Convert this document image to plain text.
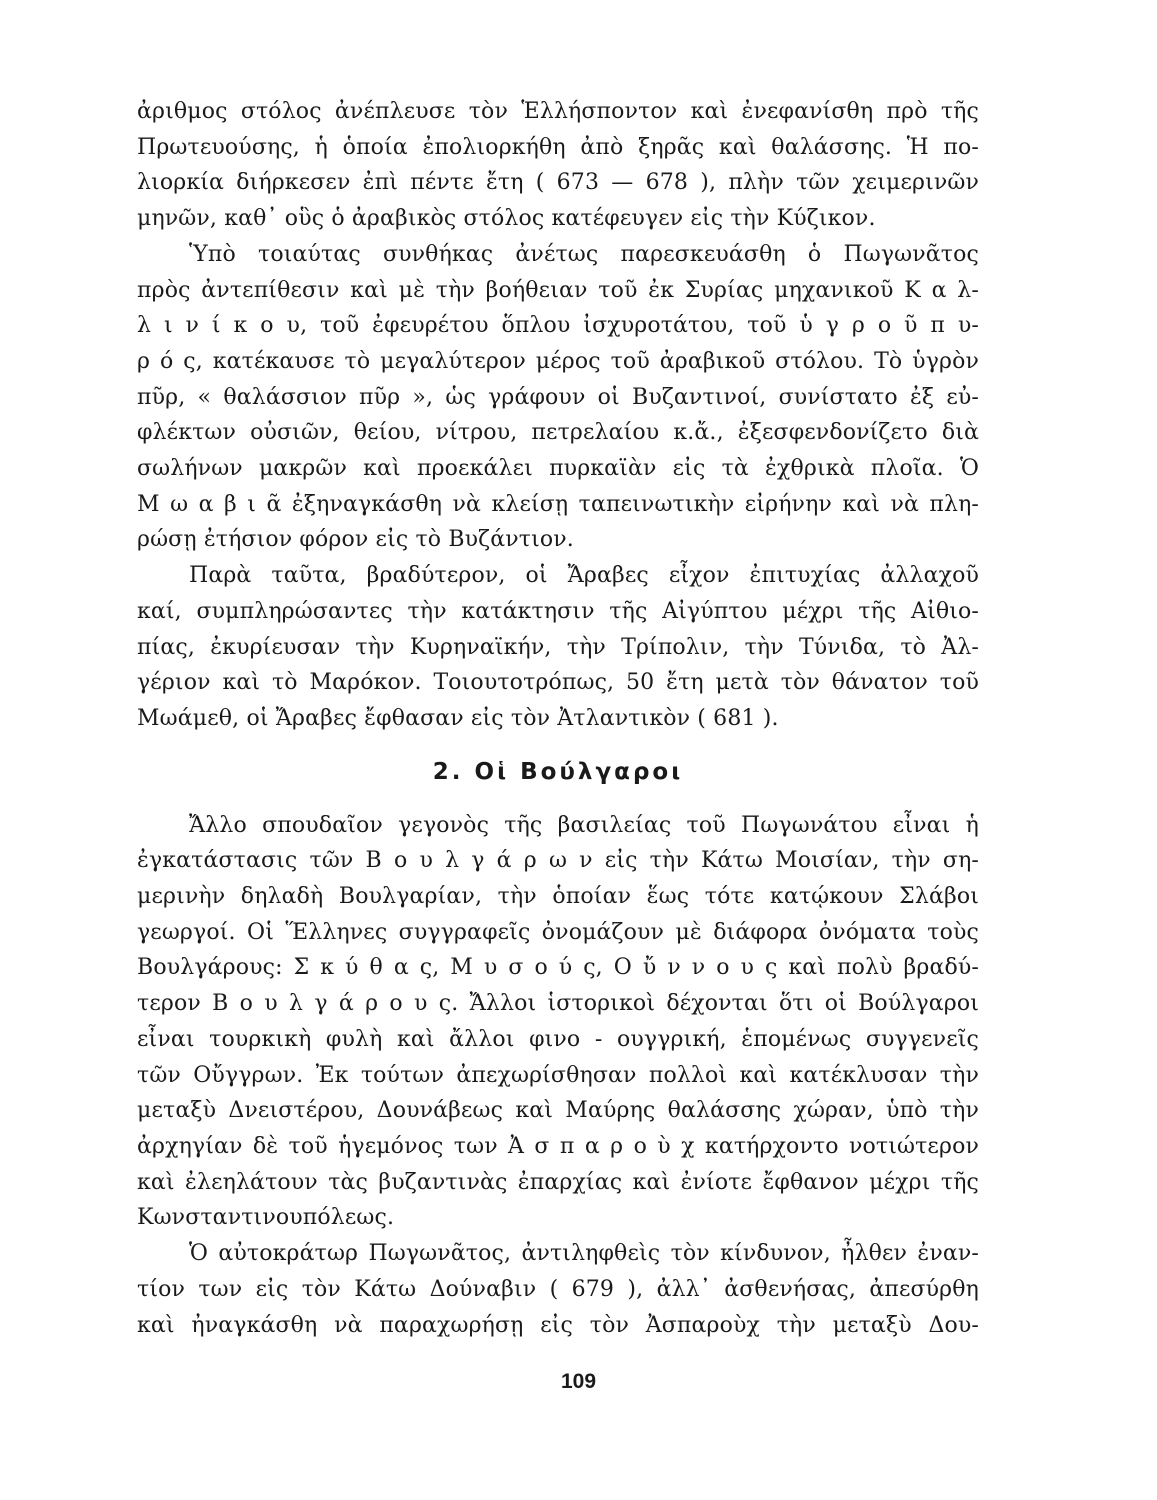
ἀριθμος στόλος ἀνέπλευσε τὸν Ἑλλήσποντον καὶ ἐνεφανίσθη πρὸ τῆς
Πρωτευούσης, ἡ ὁποία ἐπολιορκήθη ἀπὸ ξηρᾶς καὶ θαλάσσης. Ἡ πο-
λιορκία διήρκεσεν ἐπὶ πέντε ἔτη ( 673 — 678 ), πλὴν τῶν χειμερινῶν
μηνῶν, καθ᾽ οὓς ὁ ἀραβικὸς στόλος κατέφευγεν εἰς τὴν Κύζικον.
Ὑπὸ τοιαύτας συνθήκας ἀνέτως παρεσκευάσθη ὁ Πωγωνᾶτος
πρὸς ἀντεπίθεσιν καὶ μὲ τὴν βοήθειαν τοῦ ἐκ Συρίας μηχανικοῦ Κ α λ-
λ ι ν ί κ ο υ, τοῦ ἐφευρέτου ὅπλου ἰσχυροτάτου, τοῦ ὑ γ ρ ο ῦ π υ-
ρ ό ς, κατέκαυσε τὸ μεγαλύτερον μέρος τοῦ ἀραβικοῦ στόλου. Τὸ ὑγρὸν
πῦρ, « θαλάσσιον πῦρ », ὡς γράφουν οἱ Βυζαντινοί, συνίστατο ἐξ εὐ-
φλέκτων οὐσιῶν, θείου, νίτρου, πετρελαίου κ.ἄ., ἐξεσφενδονίζετο διὰ
σωλήνων μακρῶν καὶ προεκάλει πυρκαϊὰν εἰς τὰ ἐχθρικὰ πλοῖα. Ὁ
Μ ω α β ι ᾶ ἐξηναγκάσθη νὰ κλείσῃ ταπεινωτικὴν εἰρήνην καὶ νὰ πλη-
ρώσῃ ἐτήσιον φόρον εἰς τὸ Βυζάντιον.
Παρὰ ταῦτα, βραδύτερον, οἱ Ἄραβες εἶχον ἐπιτυχίας ἀλλαχοῦ
καί, συμπληρώσαντες τὴν κατάκτησιν τῆς Αἰγύπτου μέχρι τῆς Αἰθιο-
πίας, ἐκυρίευσαν τὴν Κυρηναϊκήν, τὴν Τρίπολιν, τὴν Τύνιδα, τὸ Ἀλ-
γέριον καὶ τὸ Μαρόκον. Τοιουτοτρόπως, 50 ἔτη μετὰ τὸν θάνατον τοῦ
Μωάμεθ, οἱ Ἄραβες ἔφθασαν εἰς τὸν Ἀτλαντικὸν ( 681 ).
2. Οἱ Βούλγαροι
Ἄλλο σπουδαῖον γεγονὸς τῆς βασιλείας τοῦ Πωγωνάτου εἶναι ἡ
ἐγκατάστασις τῶν Β ο υ λ γ ά ρ ω ν εἰς τὴν Κάτω Μοισίαν, τὴν ση-
μερινὴν δηλαδὴ Βουλγαρίαν, τὴν ὁποίαν ἕως τότε κατῴκουν Σλάβοι
γεωργοί. Οἱ Ἕλληνες συγγραφεῖς ὀνομάζουν μὲ διάφορα ὀνόματα τοὺς
Βουλγάρους: Σ κ ύ θ α ς, Μ υ σ ο ύ ς, Ο ὔ ν ν ο υ ς καὶ πολὺ βραδύ-
τερον Β ο υ λ γ ά ρ ο υ ς. Ἄλλοι ἱστορικοὶ δέχονται ὅτι οἱ Βούλγαροι
εἶναι τουρκικὴ φυλὴ καὶ ἄλλοι φινο - ουγγρική, ἑπομένως συγγενεῖς
τῶν Οὔγγρων. Ἐκ τούτων ἀπεχωρίσθησαν πολλοὶ καὶ κατέκλυσαν τὴν
μεταξὺ Δνειστέρου, Δουνάβεως καὶ Μαύρης θαλάσσης χώραν, ὑπὸ τὴν
ἀρχηγίαν δὲ τοῦ ἡγεμόνος των Ἀ σ π α ρ ο ὺ χ κατήρχοντο νοτιώτερον
καὶ ἐλεηλάτουν τὰς βυζαντινὰς ἐπαρχίας καὶ ἐνίοτε ἔφθανον μέχρι τῆς
Κωνσταντινουπόλεως.
Ὁ αὐτοκράτωρ Πωγωνᾶτος, ἀντιληφθεὶς τὸν κίνδυνον, ἦλθεν ἐναν-
τίον των εἰς τὸν Κάτω Δούναβιν ( 679 ), ἀλλ᾽ ἀσθενήσας, ἀπεσύρθη
καὶ ἠναγκάσθη νὰ παραχωρήσῃ εἰς τὸν Ἀσπαροὺχ τὴν μεταξὺ Δου-
109
